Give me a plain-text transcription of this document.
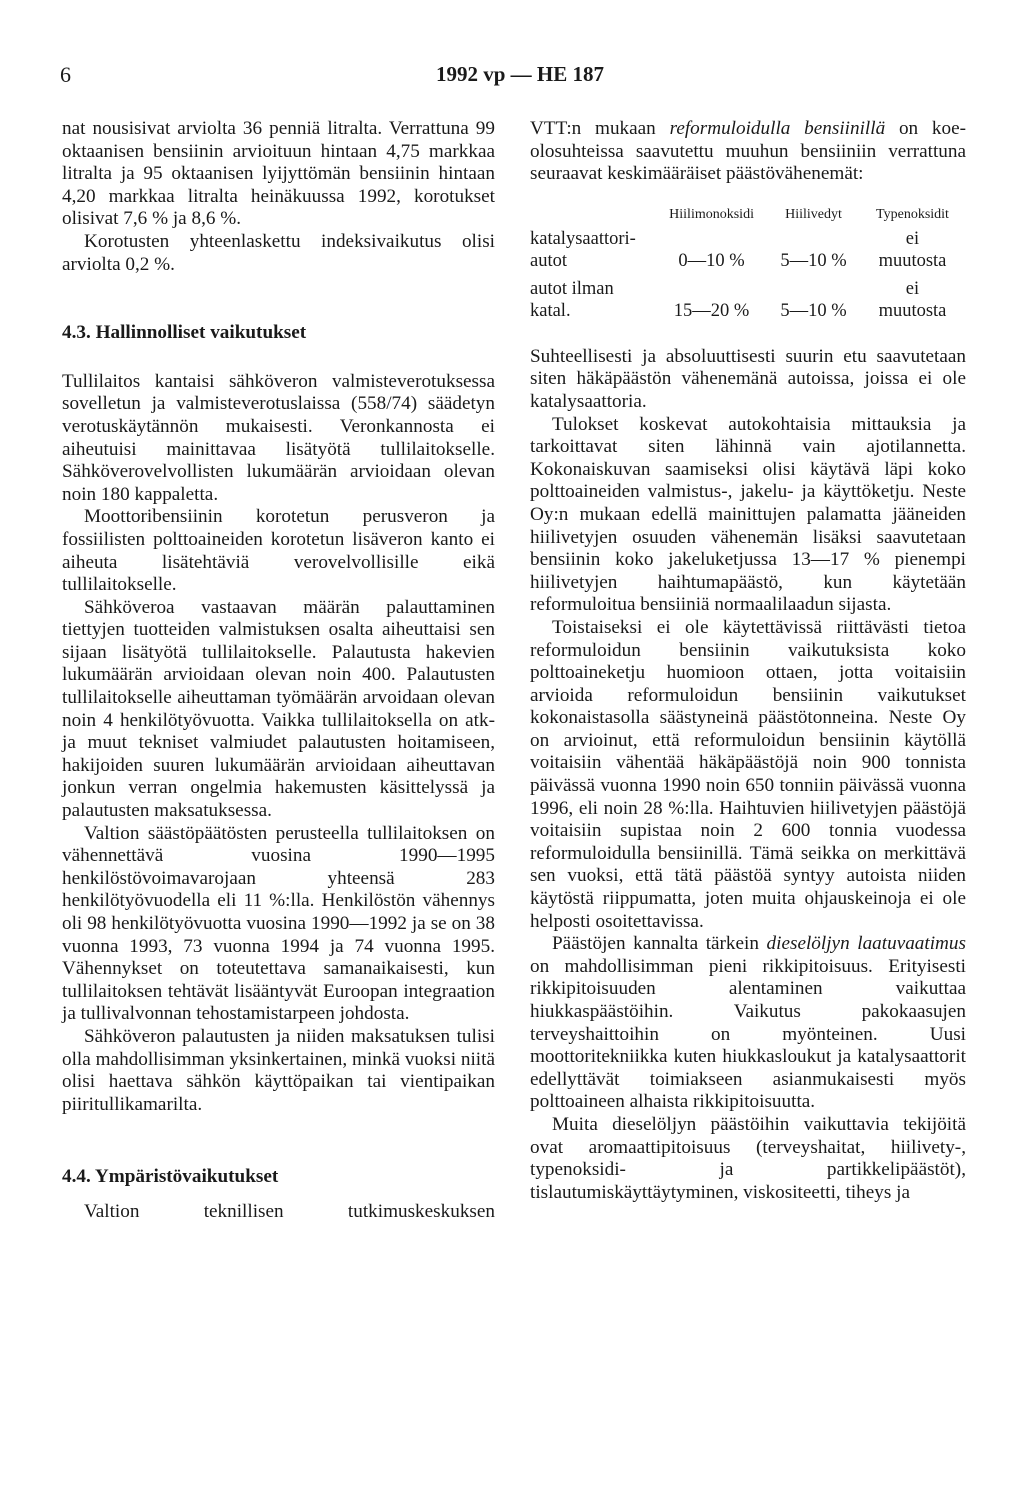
6	1992 vp — HE 187

nat nousisivat arviolta 36 penniä litralta. Verrattuna 99 oktaanisen bensiinin arvioituun hintaan 4,75 markkaa litralta ja 95 oktaanisen lyijyttömän bensiinin hintaan 4,20 markkaa litralta heinäkuussa 1992, korotukset olisivat 7,6 % ja 8,6 %.

Korotusten yhteenlaskettu indeksivaikutus olisi arviolta 0,2 %.

4.3. Hallinnolliset vaikutukset

Tullilaitos kantaisi sähköveron valmisteverotuksessa sovelletun ja valmisteverotuslaissa (558/74) säädetyn verotuskäytännön mukaisesti. Veronkannosta ei aiheutuisi mainittavaa lisätyötä tullilaitokselle. Sähköverovelvollisten lukumäärän arvioidaan olevan noin 180 kappaletta.

Moottoribensiinin korotetun perusveron ja fossiilisten polttoaineiden korotetun lisäveron kanto ei aiheuta lisätehtäviä verovelvollisille eikä tullilaitokselle.

Sähköveroa vastaavan määrän palauttaminen tiettyjen tuotteiden valmistuksen osalta aiheuttaisi sen sijaan lisätyötä tullilaitokselle. Palautusta hakevien lukumäärän arvioidaan olevan noin 400. Palautusten tullilaitokselle aiheuttaman työmäärän arvoidaan olevan noin 4 henkilötyövuotta. Vaikka tullilaitoksella on atk- ja muut tekniset valmiudet palautusten hoitamiseen, hakijoiden suuren lukumäärän arvioidaan aiheuttavan jonkun verran ongelmia hakemusten käsittelyssä ja palautusten maksatuksessa.

Valtion säästöpäätösten perusteella tullilaitoksen on vähennettävä vuosina 1990—1995 henkilöstövoimavarojaan yhteensä 283 henkilötyövuodella eli 11 %:lla. Henkilöstön vähennys oli 98 henkilötyövuotta vuosina 1990—1992 ja se on 38 vuonna 1993, 73 vuonna 1994 ja 74 vuonna 1995. Vähennykset on toteutettava samanaikaisesti, kun tullilaitoksen tehtävät lisääntyvät Euroopan integraation ja tullivalvonnan tehostamistarpeen johdosta.

Sähköveron palautusten ja niiden maksatuksen tulisi olla mahdollisimman yksinkertainen, minkä vuoksi niitä olisi haettava sähkön käyttöpaikan tai vientipaikan piiritullikamarilta.

4.4. Ympäristövaikutukset

Valtion teknillisen tutkimuskeskuksen

VTT:n mukaan reformuloidulla bensiinillä on koe-olosuhteissa saavutettu muuhun bensiiniin verrattuna seuraavat keskimääräiset päästövähenemät:

	Hiilimonoksidi	Hiilivedyt	Typenoksidit
katalysaattori-
autot	0—10 %	5—10 %	ei
muutosta
autot ilman
katal.	15—20 %	5—10 %	ei
muutosta

Suhteellisesti ja absoluuttisesti suurin etu saavutetaan siten häkäpäästön vähenemänä autoissa, joissa ei ole katalysaattoria.

Tulokset koskevat autokohtaisia mittauksia ja tarkoittavat siten lähinnä vain ajotilannetta. Kokonaiskuvan saamiseksi olisi käytävä läpi koko polttoaineiden valmistus-, jakelu- ja käyttöketju. Neste Oy:n mukaan edellä mainittujen palamatta jääneiden hiilivetyjen osuuden vähenemän lisäksi saavutetaan bensiinin koko jakeluketjussa 13—17 % pienempi hiilivetyjen haihtumapäästö, kun käytetään reformuloitua bensiiniä normaalilaadun sijasta.

Toistaiseksi ei ole käytettävissä riittävästi tietoa reformuloidun bensiinin vaikutuksista koko polttoaineketju huomioon ottaen, jotta voitaisiin arvioida reformuloidun bensiinin vaikutukset kokonaistasolla säästyneinä päästötonneina. Neste Oy on arvioinut, että reformuloidun bensiinin käytöllä voitaisiin vähentää häkäpäästöjä noin 900 tonnista päivässä vuonna 1990 noin 650 tonniin päivässä vuonna 1996, eli noin 28 %:lla. Haihtuvien hiilivetyjen päästöjä voitaisiin supistaa noin 2 600 tonnia vuodessa reformuloidulla bensiinillä. Tämä seikka on merkittävä sen vuoksi, että tätä päästöä syntyy autoista niiden käytöstä riippumatta, joten muita ohjauskeinoja ei ole helposti osoitettavissa.

Päästöjen kannalta tärkein dieselöljyn laatuvaatimus on mahdollisimman pieni rikkipitoisuus. Erityisesti rikkipitoisuuden alentaminen vaikuttaa hiukkaspäästöihin. Vaikutus pakokaasujen terveyshaittoihin on myönteinen. Uusi moottoritekniikka kuten hiukkasloukut ja katalysaattorit edellyttävät toimiakseen asianmukaisesti myös polttoaineen alhaista rikkipitoisuutta.

Muita dieselöljyn päästöihin vaikuttavia tekijöitä ovat aromaattipitoisuus (terveyshaitat, hiilivety-, typenoksidi- ja partikkelipäästöt), tislautumiskäyttäytyminen, viskositeetti, tiheys ja
